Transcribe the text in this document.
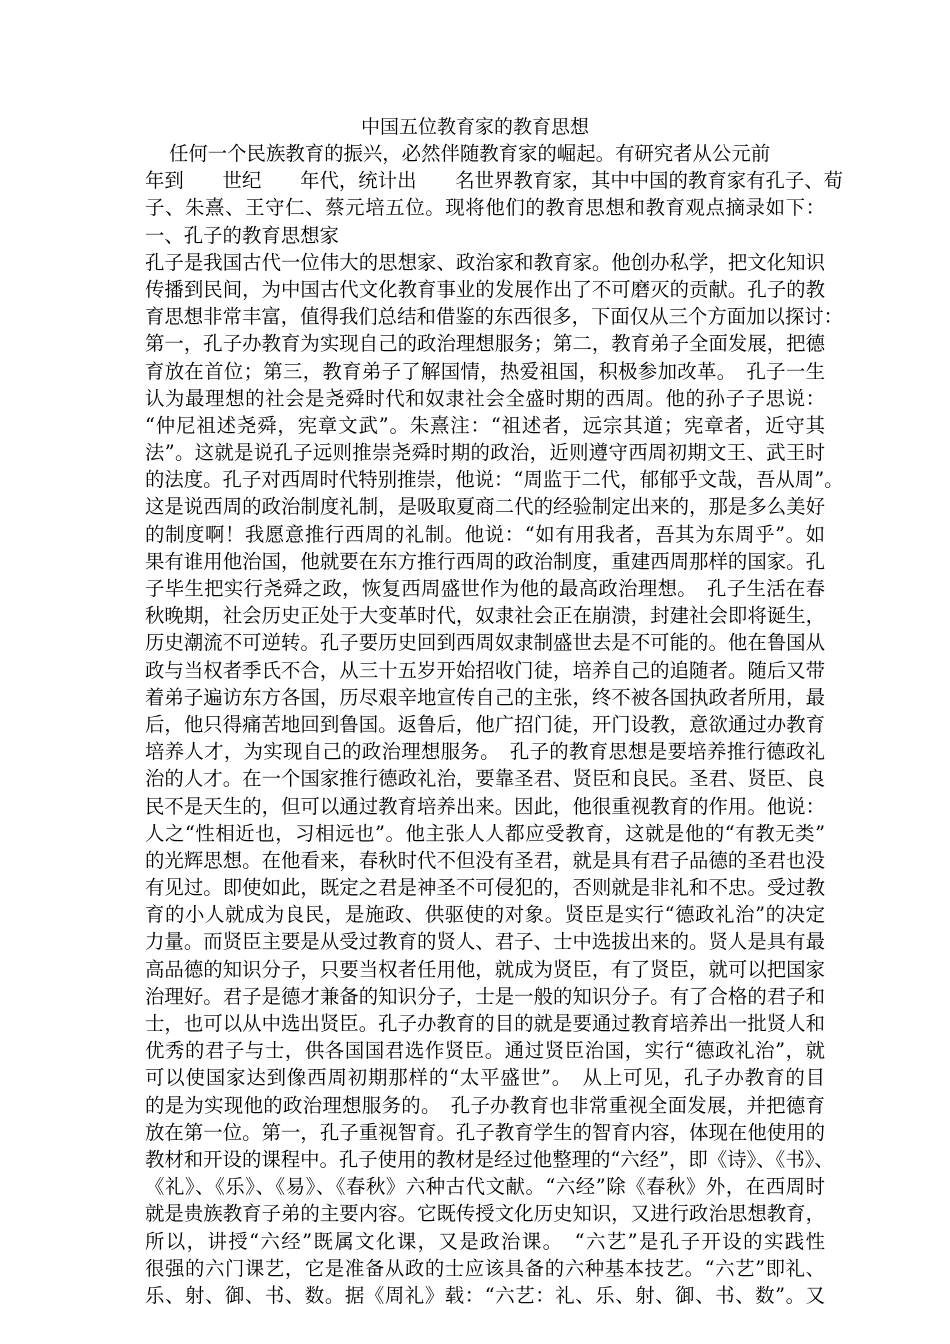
中国五位教育家的教育思想
任何一个民族教育的振兴，必然伴随教育家的崛起。有研究者从公元前
年到　　世纪　　年代，统计出　　名世界教育家，其中中国的教育家有孔子、荀
子、朱熹、王守仁、蔡元培五位。现将他们的教育思想和教育观点摘录如下：
一、孔子的教育思想家
孔子是我国古代一位伟大的思想家、政治家和教育家。他创办私学，把文化知识
传播到民间，为中国古代文化教育事业的发展作出了不可磨灭的贡献。孔子的教
育思想非常丰富，值得我们总结和借鉴的东西很多，下面仅从三个方面加以探讨：
第一，孔子办教育为实现自己的政治理想服务；第二，教育弟子全面发展，把德
育放在首位；第三，教育弟子了解国情，热爱祖国，积极参加改革。　孔子一生
认为最理想的社会是尧舜时代和奴隶社会全盛时期的西周。他的孙子子思说：
“仲尼祖述尧舜，宪章文武”。朱熹注：“祖述者，远宗其道；宪章者，近守其
法”。这就是说孔子远则推崇尧舜时期的政治，近则遵守西周初期文王、武王时
的法度。孔子对西周时代特别推崇，他说：“周监于二代，郁郁乎文哉，吾从周”。
这是说西周的政治制度礼制，是吸取夏商二代的经验制定出来的，那是多么美好
的制度啊！我愿意推行西周的礼制。他说：“如有用我者，吾其为东周乎”。如
果有谁用他治国，他就要在东方推行西周的政治制度，重建西周那样的国家。孔
子毕生把实行尧舜之政，恢复西周盛世作为他的最高政治理想。　孔子生活在春
秋晚期，社会历史正处于大变革时代，奴隶社会正在崩溃，封建社会即将诞生，
历史潮流不可逆转。孔子要历史回到西周奴隶制盛世去是不可能的。他在鲁国从
政与当权者季氏不合，从三十五岁开始招收门徒，培养自己的追随者。随后又带
着弟子遍访东方各国，历尽艰辛地宣传自己的主张，终不被各国执政者所用，最
后，他只得痛苦地回到鲁国。返鲁后，他广招门徒，开门设教，意欲通过办教育
培养人才，为实现自己的政治理想服务。　孔子的教育思想是要培养推行德政礼
治的人才。在一个国家推行德政礼治，要靠圣君、贤臣和良民。圣君、贤臣、良
民不是天生的，但可以通过教育培养出来。因此，他很重视教育的作用。他说：
人之“性相近也，习相远也”。他主张人人都应受教育，这就是他的“有教无类”
的光辉思想。在他看来，春秋时代不但没有圣君，就是具有君子品德的圣君也没
有见过。即使如此，既定之君是神圣不可侵犯的，否则就是非礼和不忠。受过教
育的小人就成为良民，是施政、供驱使的对象。贤臣是实行“德政礼治”的决定
力量。而贤臣主要是从受过教育的贤人、君子、士中选拔出来的。贤人是具有最
高品德的知识分子，只要当权者任用他，就成为贤臣，有了贤臣，就可以把国家
治理好。君子是德才兼备的知识分子，士是一般的知识分子。有了合格的君子和
士，也可以从中选出贤臣。孔子办教育的目的就是要通过教育培养出一批贤人和
优秀的君子与士，供各国国君选作贤臣。通过贤臣治国，实行“德政礼治”，就
可以使国家达到像西周初期那样的“太平盛世”。　从上可见，孔子办教育的目
的是为实现他的政治理想服务的。　孔子办教育也非常重视全面发展，并把德育
放在第一位。第一，孔子重视智育。孔子教育学生的智育内容，体现在他使用的
教材和开设的课程中。孔子使用的教材是经过他整理的“六经”，即《诗》、《书》、
《礼》、《乐》、《易》、《春秋》六种古代文献。“六经”除《春秋》外，在西周时
就是贵族教育子弟的主要内容。它既传授文化历史知识，又进行政治思想教育，
所以，讲授“六经”既属文化课，又是政治课。　“六艺”是孔子开设的实践性
很强的六门课艺，它是准备从政的士应该具备的六种基本技艺。“六艺”即礼、
乐、射、御、书、数。据《周礼》载：“六艺：礼、乐、射、御、书、数”。又
